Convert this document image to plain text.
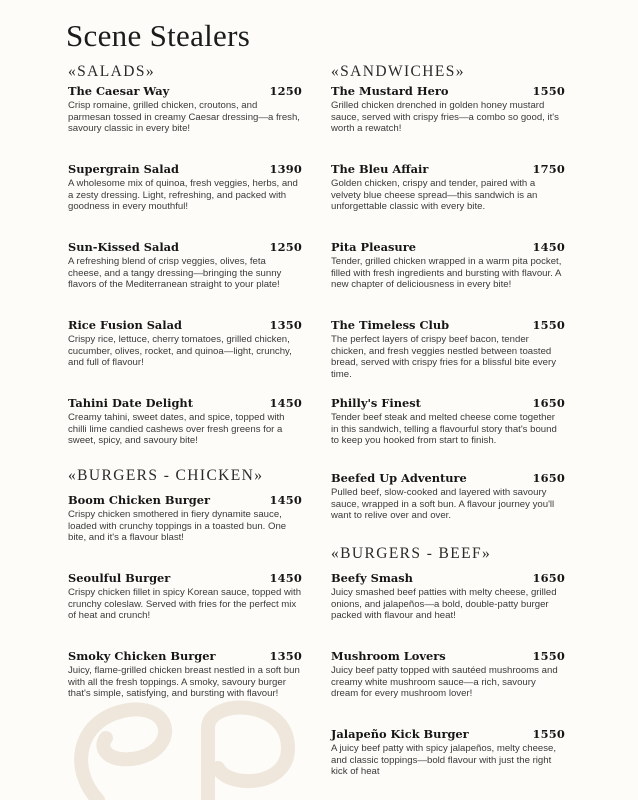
Scene Stealers
«SALADS»
The Caesar Way	1250
Crisp romaine, grilled chicken, croutons, and parmesan tossed in creamy Caesar dressing—a fresh, savoury classic in every bite!
Supergrain Salad	1390
A wholesome mix of quinoa, fresh veggies, herbs, and a zesty dressing. Light, refreshing, and packed with goodness in every mouthful!
Sun-Kissed Salad	1250
A refreshing blend of crisp veggies, olives, feta cheese, and a tangy dressing—bringing the sunny flavors of the Mediterranean straight to your plate!
Rice Fusion Salad	1350
Crispy rice, lettuce, cherry tomatoes, grilled chicken, cucumber, olives, rocket, and quinoa—light, crunchy, and full of flavour!
Tahini Date Delight	1450
Creamy tahini, sweet dates, and spice, topped with chilli lime candied cashews over fresh greens for a sweet, spicy, and savoury bite!
«BURGERS - CHICKEN»
Boom Chicken Burger	1450
Crispy chicken smothered in fiery dynamite sauce, loaded with crunchy toppings in a toasted bun. One bite, and it's a flavour blast!
Seoulful Burger	1450
Crispy chicken fillet in spicy Korean sauce, topped with crunchy coleslaw. Served with fries for the perfect mix of heat and crunch!
Smoky Chicken Burger	1350
Juicy, flame-grilled chicken breast nestled in a soft bun with all the fresh toppings. A smoky, savoury burger that's simple, satisfying, and bursting with flavour!
«SANDWICHES»
The Mustard Hero	1550
Grilled chicken drenched in golden honey mustard sauce, served with crispy fries—a combo so good, it's worth a rewatch!
The Bleu Affair	1750
Golden chicken, crispy and tender, paired with a velvety blue cheese spread—this sandwich is an unforgettable classic with every bite.
Pita Pleasure	1450
Tender, grilled chicken wrapped in a warm pita pocket, filled with fresh ingredients and bursting with flavour. A new chapter of deliciousness in every bite!
The Timeless Club	1550
The perfect layers of crispy beef bacon, tender chicken, and fresh veggies nestled between toasted bread, served with crispy fries for a blissful bite every time.
Philly's Finest	1650
Tender beef steak and melted cheese come together in this sandwich, telling a flavourful story that's bound to keep you hooked from start to finish.
Beefed Up Adventure	1650
Pulled beef, slow-cooked and layered with savoury sauce, wrapped in a soft bun. A flavour journey you'll want to relive over and over.
«BURGERS - BEEF»
Beefy Smash	1650
Juicy smashed beef patties with melty cheese, grilled onions, and jalapeños—a bold, double-patty burger packed with flavour and heat!
Mushroom Lovers	1550
Juicy beef patty topped with sautéed mushrooms and creamy white mushroom sauce—a rich, savoury dream for every mushroom lover!
Jalapeño Kick Burger	1550
A juicy beef patty with spicy jalapeños, melty cheese, and classic toppings—bold flavour with just the right kick of heat
